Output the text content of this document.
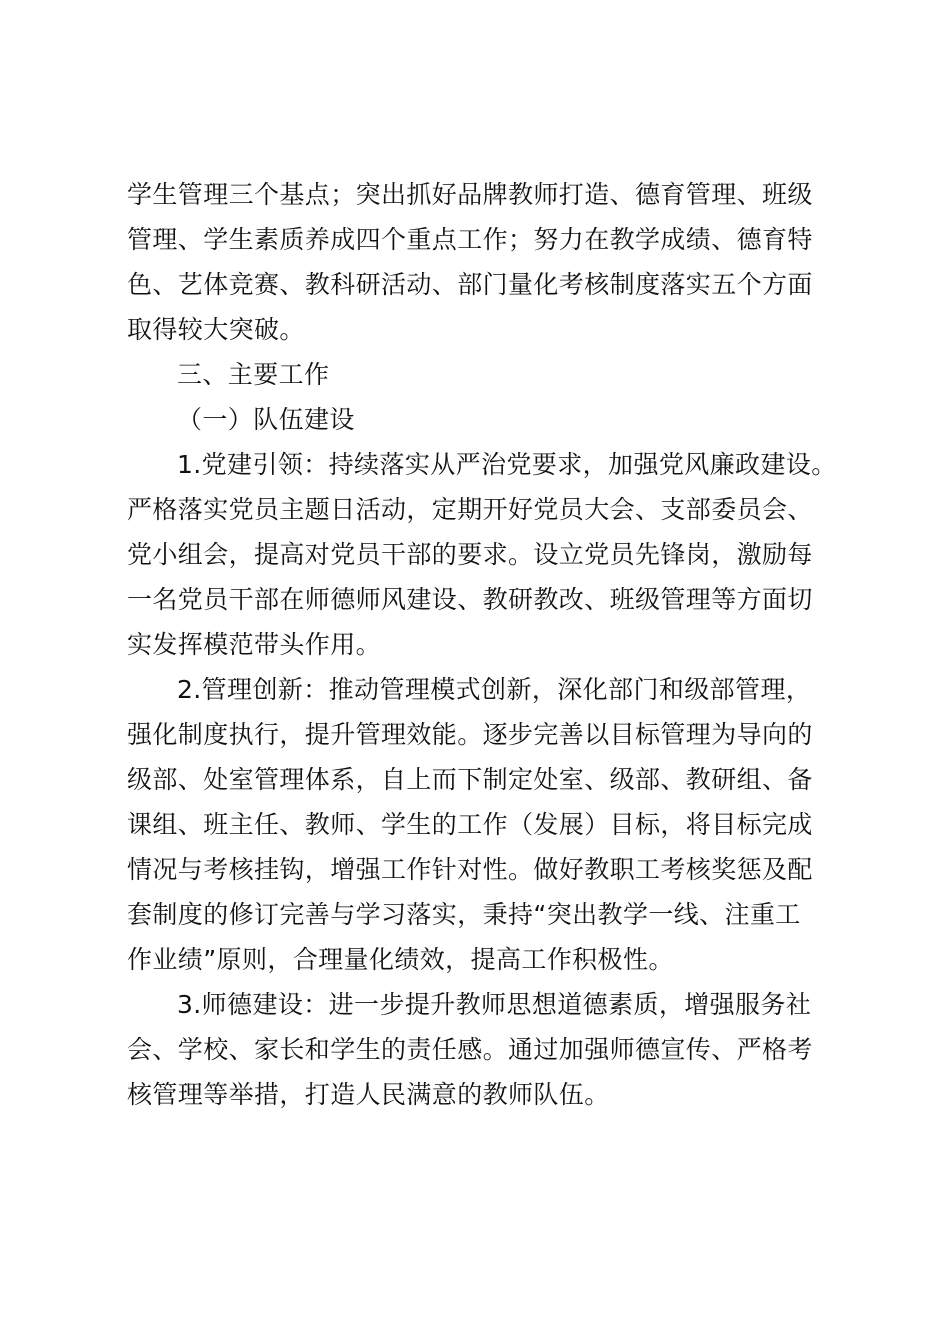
学生管理三个基点；突出抓好品牌教师打造、德育管理、班级
管理、学生素质养成四个重点工作；努力在教学成绩、德育特
色、艺体竞赛、教科研活动、部门量化考核制度落实五个方面
取得较大突破。
三、主要工作
（一）队伍建设
1.党建引领：持续落实从严治党要求，加强党风廉政建设。
严格落实党员主题日活动，定期开好党员大会、支部委员会、
党小组会，提高对党员干部的要求。设立党员先锋岗，激励每
一名党员干部在师德师风建设、教研教改、班级管理等方面切
实发挥模范带头作用。
2.管理创新：推动管理模式创新，深化部门和级部管理，
强化制度执行，提升管理效能。逐步完善以目标管理为导向的
级部、处室管理体系，自上而下制定处室、级部、教研组、备
课组、班主任、教师、学生的工作（发展）目标，将目标完成
情况与考核挂钩，增强工作针对性。做好教职工考核奖惩及配
套制度的修订完善与学习落实，秉持“突出教学一线、注重工
作业绩”原则，合理量化绩效，提高工作积极性。
3.师德建设：进一步提升教师思想道德素质，增强服务社
会、学校、家长和学生的责任感。通过加强师德宣传、严格考
核管理等举措，打造人民满意的教师队伍。
